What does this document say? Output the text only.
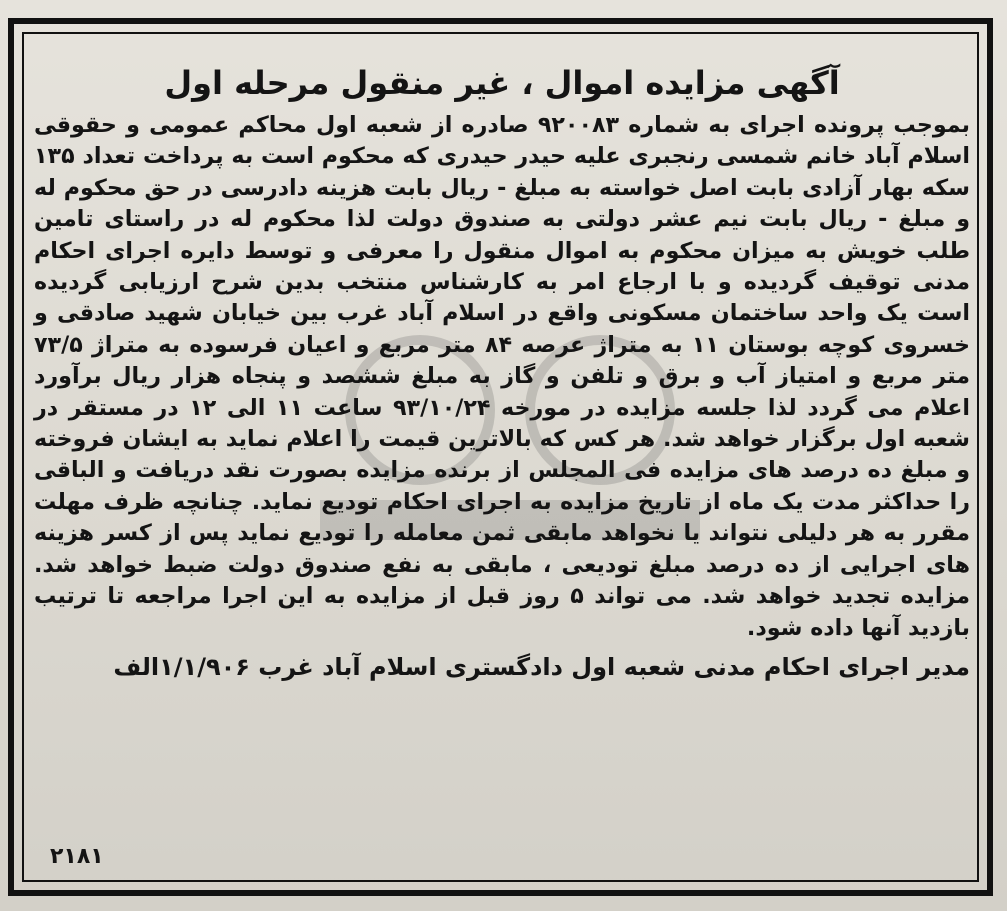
آگهی مزایده اموال ، غیر منقول مرحله اول

بموجب پرونده اجرای به شماره ۹۲۰۰۸۳ صادره از شعبه اول محاکم عمومی و حقوقی اسلام آباد خانم شمسی رنجبری علیه حیدر حیدری که محکوم است به پرداخت تعداد ۱۳۵ سکه بهار آزادی بابت اصل خواسته به مبلغ - ریال بابت هزینه دادرسی در حق محکوم له و مبلغ - ریال بابت نیم عشر دولتی به صندوق دولت لذا محکوم له در راستای تامین طلب خویش به میزان محکوم به اموال منقول را معرفی و توسط دایره اجرای احکام مدنی توقیف گردیده و با ارجاع امر به کارشناس منتخب بدین شرح ارزیابی گردیده است یک واحد ساختمان مسکونی واقع در اسلام آباد غرب بین خیابان شهید صادقی و خسروی کوچه بوستان ۱۱ به متراژ عرصه ۸۴ متر مربع و اعیان فرسوده به متراژ ۷۳/۵ متر مربع و امتیاز آب و برق و تلفن و گاز به مبلغ ششصد و پنجاه هزار ریال برآورد اعلام می گردد لذا جلسه مزایده در مورخه ۹۳/۱۰/۲۴ ساعت ۱۱ الی ۱۲ در مستقر در شعبه اول برگزار خواهد شد. هر کس که بالاترین قیمت را اعلام نماید به ایشان فروخته و مبلغ ده درصد های مزایده فی المجلس از برنده مزایده بصورت نقد دریافت و الباقی را حداکثر مدت یک ماه از تاریخ مزایده به اجرای احکام توديع نماید. چنانچه ظرف مهلت مقرر به هر دلیلی نتواند یا نخواهد مابقی ثمن معامله را تودیع نماید پس از کسر هزینه های اجرایی از ده درصد مبلغ توديعی ، مابقی به نفع صندوق دولت ضبط خواهد شد. مزایده تجدید خواهد شد. می تواند ۵ روز قبل از مزایده به این اجرا مراجعه تا ترتیب بازدید آنها داده شود.

مدیر اجرای احکام مدنی شعبه اول دادگستری اسلام آباد غرب ۱/۱/۹۰۶الف

۲۱۸۱
